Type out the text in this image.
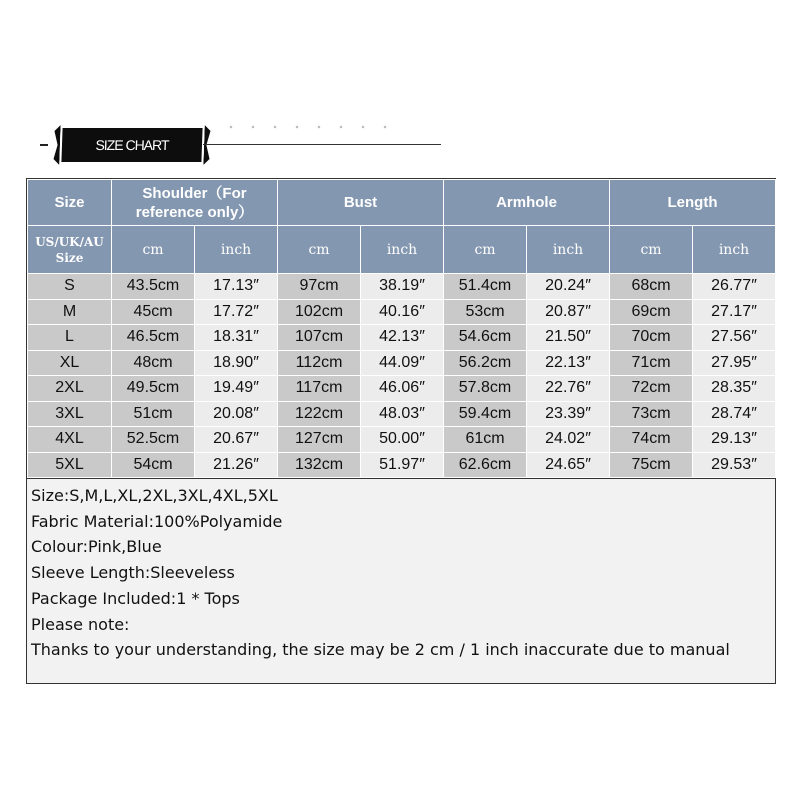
SIZE CHART
Size	Shoulder（For reference only）		Bust		Armhole		Length	
US/UK/AU Size	cm	inch	cm	inch	cm	inch	cm	inch
S	43.5cm	17.13″	97cm	38.19″	51.4cm	20.24″	68cm	26.77″
M	45cm	17.72″	102cm	40.16″	53cm	20.87″	69cm	27.17″
L	46.5cm	18.31″	107cm	42.13″	54.6cm	21.50″	70cm	27.56″
XL	48cm	18.90″	112cm	44.09″	56.2cm	22.13″	71cm	27.95″
2XL	49.5cm	19.49″	117cm	46.06″	57.8cm	22.76″	72cm	28.35″
3XL	51cm	20.08″	122cm	48.03″	59.4cm	23.39″	73cm	28.74″
4XL	52.5cm	20.67″	127cm	50.00″	61cm	24.02″	74cm	29.13″
5XL	54cm	21.26″	132cm	51.97″	62.6cm	24.65″	75cm	29.53″
Size:S,M,L,XL,2XL,3XL,4XL,5XL
Fabric Material:100%Polyamide
Colour:Pink,Blue
Sleeve Length:Sleeveless
Package Included:1 * Tops
Please note:
Thanks to your understanding, the size may be 2 cm / 1 inch inaccurate due to manual
